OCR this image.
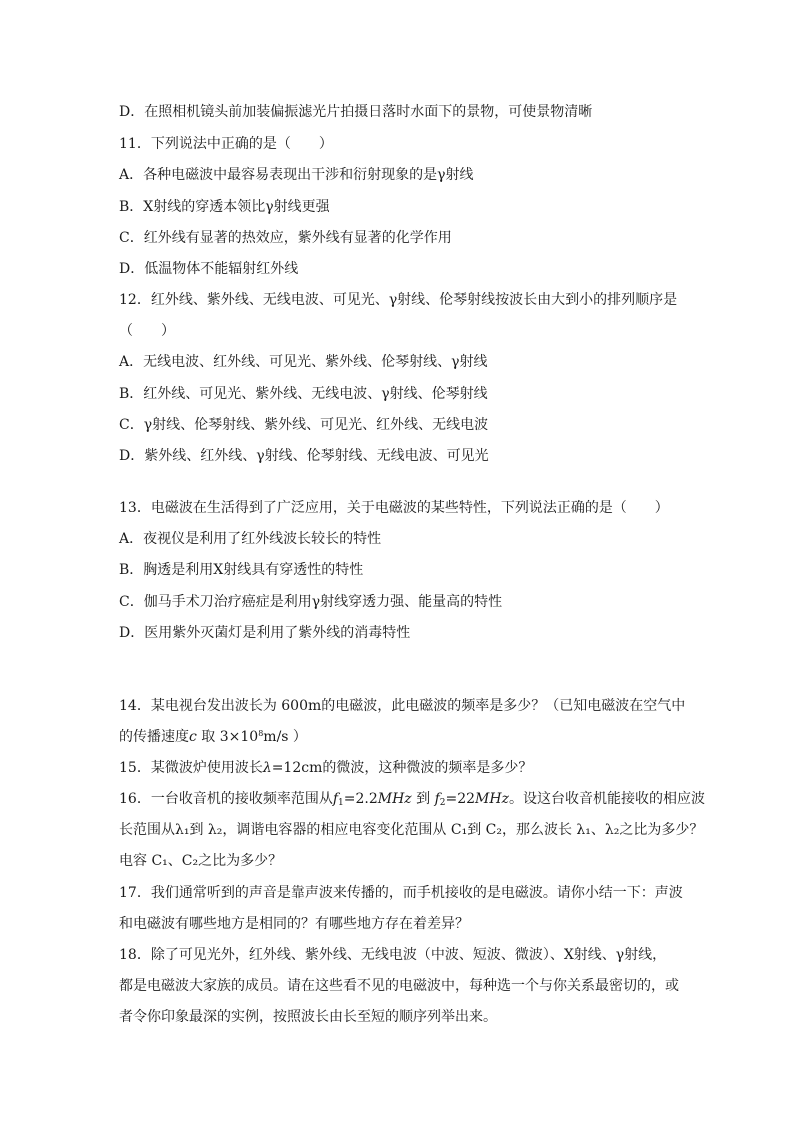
D．在照相机镜头前加装偏振滤光片拍摄日落时水面下的景物，可使景物清晰
11．下列说法中正确的是（　　）
A．各种电磁波中最容易表现出干涉和衍射现象的是γ射线
B．X射线的穿透本领比γ射线更强
C．红外线有显著的热效应，紫外线有显著的化学作用
D．低温物体不能辐射红外线
12．红外线、紫外线、无线电波、可见光、γ射线、伦琴射线按波长由大到小的排列顺序是
（　　）
A．无线电波、红外线、可见光、紫外线、伦琴射线、γ射线
B．红外线、可见光、紫外线、无线电波、γ射线、伦琴射线
C．γ射线、伦琴射线、紫外线、可见光、红外线、无线电波
D．紫外线、红外线、γ射线、伦琴射线、无线电波、可见光
13．电磁波在生活得到了广泛应用，关于电磁波的某些特性，下列说法正确的是（　　）
A．夜视仪是利用了红外线波长较长的特性
B．胸透是利用X射线具有穿透性的特性
C．伽马手术刀治疗癌症是利用γ射线穿透力强、能量高的特性
D．医用紫外灭菌灯是利用了紫外线的消毒特性
14．某电视台发出波长为 600m的电磁波，此电磁波的频率是多少？（已知电磁波在空气中
的传播速度c 取 $3\times 10^8m/s$ ）
15．某微波炉使用波长λ=12cm的微波，这种微波的频率是多少？
16．一台收音机的接收频率范围从$f_1=2.2MHz$ 到 $f_2=22MHz$。设这台收音机能接收的相应波
长范围从λ₁到 λ₂，调谐电容器的相应电容变化范围从 C₁到 C₂，那么波长 λ₁、λ₂之比为多少？
电容 C₁、C₂之比为多少？
17．我们通常听到的声音是靠声波来传播的，而手机接收的是电磁波。请你小结一下：声波
和电磁波有哪些地方是相同的？有哪些地方存在着差异？
18．除了可见光外，红外线、紫外线、无线电波（中波、短波、微波）、X射线、γ射线，
都是电磁波大家族的成员。请在这些看不见的电磁波中，每种选一个与你关系最密切的，或
者令你印象最深的实例，按照波长由长至短的顺序列举出来。
